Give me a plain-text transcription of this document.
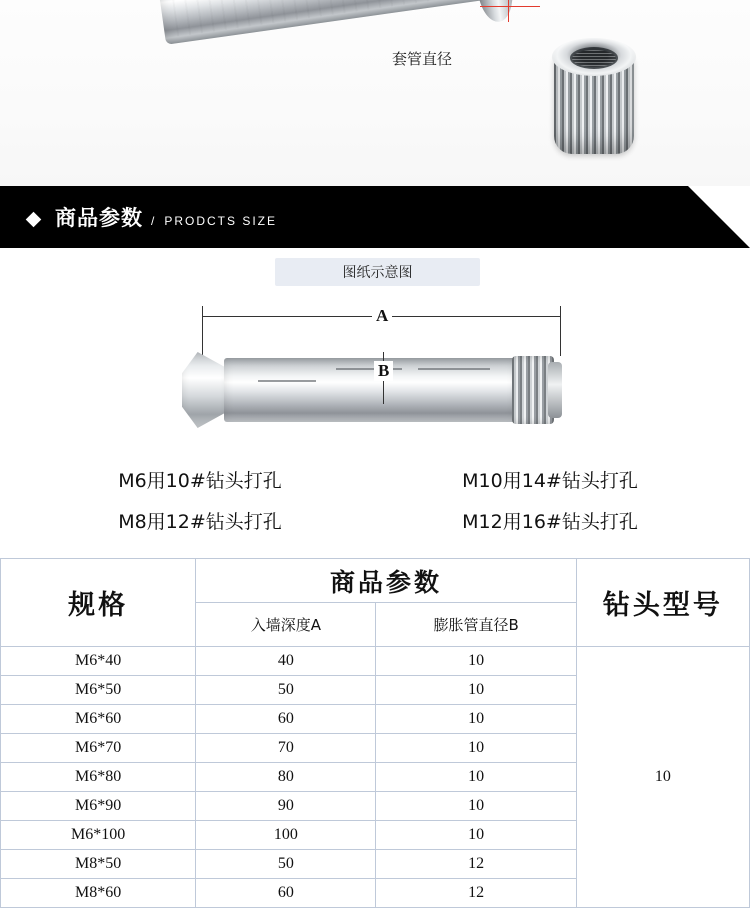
套管直径
商品参数 / PRODCTS SIZE
图纸示意图
A
B
M6用10#钻头打孔	M10用14#钻头打孔
M8用12#钻头打孔	M12用16#钻头打孔
规格	商品参数		钻头型号
	入墙深度A	膨胀管直径B	
M6*40	40	10	10
M6*50	50	10	
M6*60	60	10	
M6*70	70	10	
M6*80	80	10	
M6*90	90	10	
M6*100	100	10	
M8*50	50	12	
M8*60	60	12	
